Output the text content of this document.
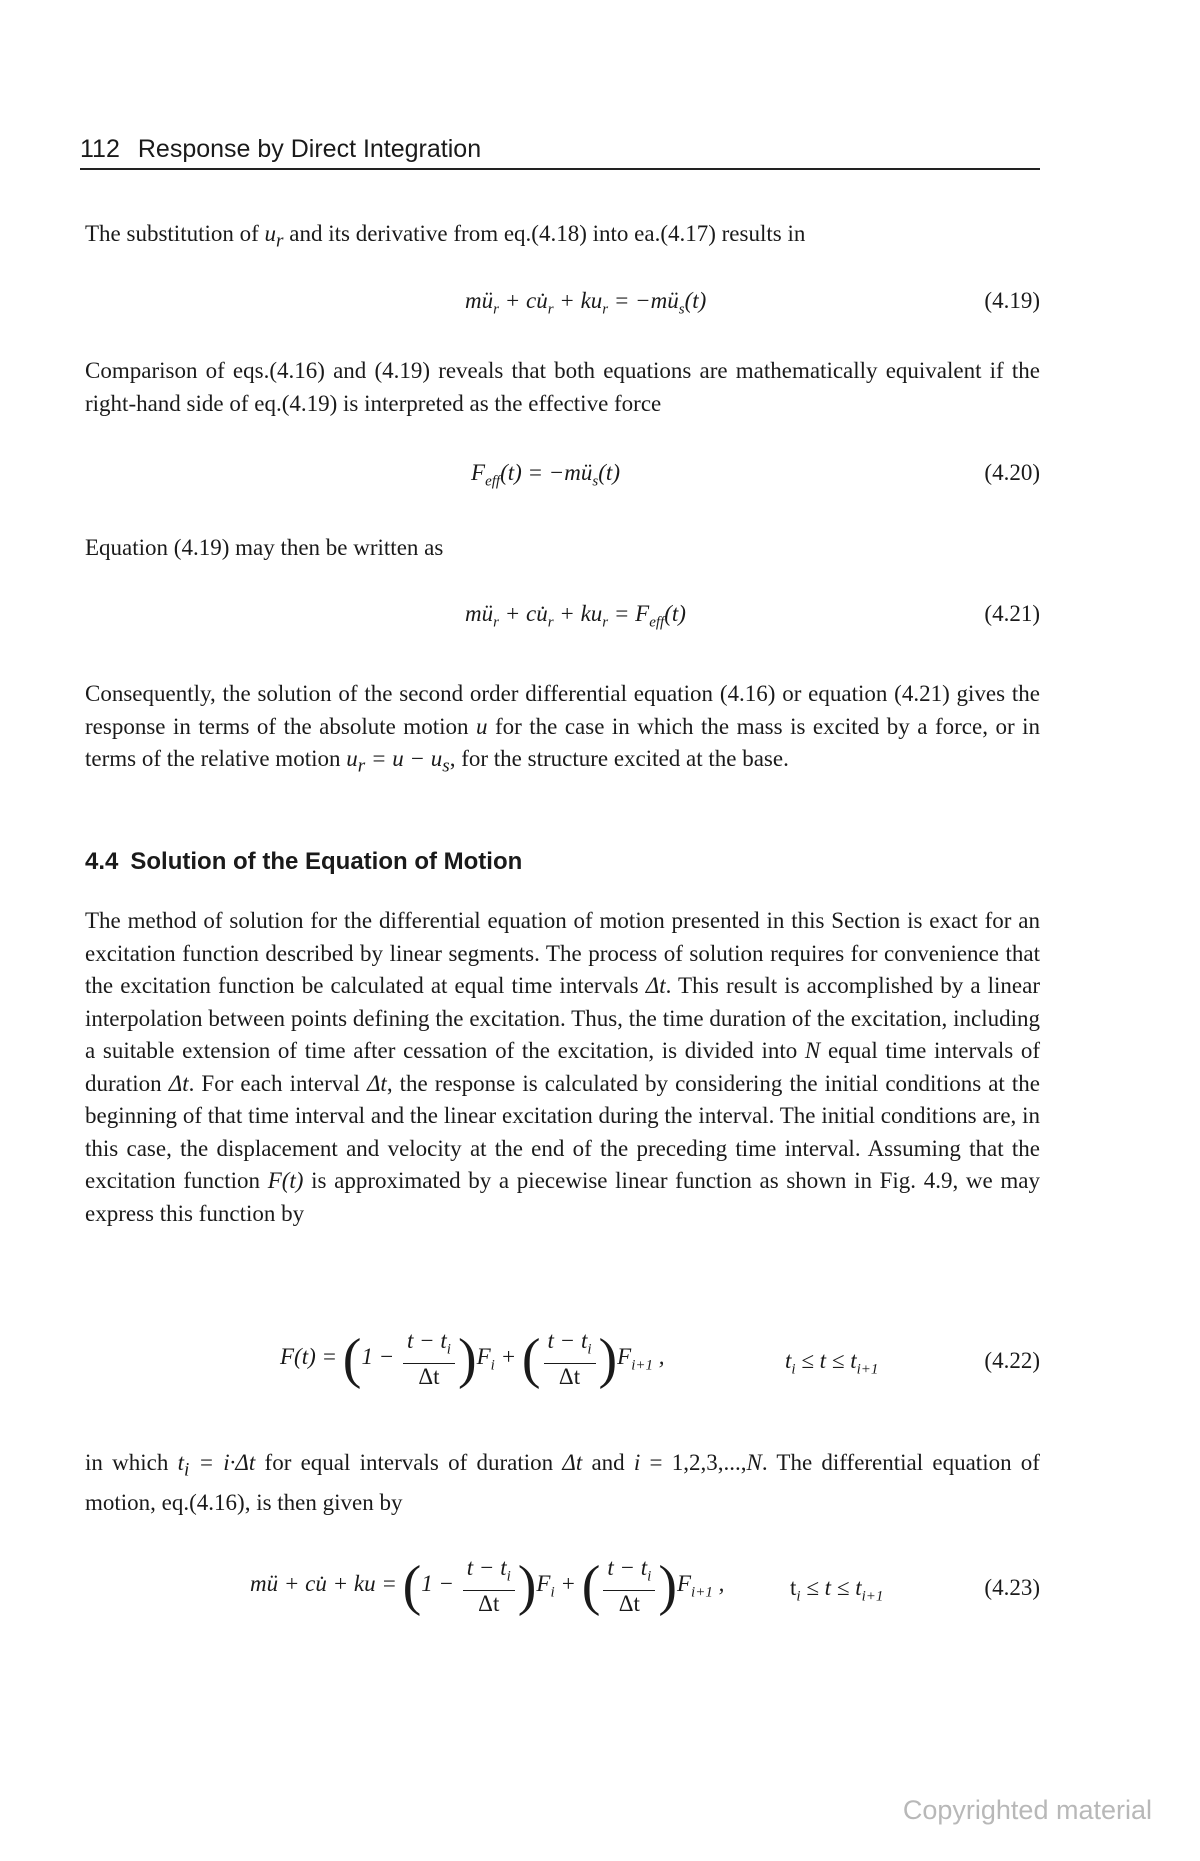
112 Response by Direct Integration

The substitution of $u_r$ and its derivative from eq.(4.18) into ea.(4.17) results in

$mü_r$ + $cu̇_r + ku_r$ = $-mü_s(t)$	(4.19)

Comparison of eqs.(4.16) and (4.19) reveals that both equations are mathematically equivalent if the right-hand side of eq.(4.19) is interpreted as the effective force

$F_{eff}(t)$ = $-mü_s(t)$	(4.20)

Equation (4.19) may then be written as

$mü_r$ + $cu̇_r + ku_r = F_{eff}(t)$	(4.21)

Consequently, the solution of the second order differential equation (4.16) or equation (4.21) gives the response in terms of the absolute motion u for the case in which the mass is excited by a force, or in terms of the relative motion $u_r = u - u_s$, for the structure excited at the base.

4.4 Solution of the Equation of Motion

The method of solution for the differential equation of motion presented in this Section is exact for an excitation function described by linear segments. The process of solution requires for convenience that the excitation function be calculated at equal time intervals Δt. This result is accomplished by a linear interpolation between points defining the excitation. Thus, the time duration of the excitation, including a suitable extension of time after cessation of the excitation, is divided into N equal time intervals of duration Δt. For each interval Δt, the response is calculated by considering the initial conditions at the beginning of that time interval and the linear excitation during the interval. The initial conditions are, in this case, the displacement and velocity at the end of the preceding time interval. Assuming that the excitation function F(t) is approximated by a piecewise linear function as shown in Fig. 4.9, we may express this function by

$F(t) = (1 - \frac{t - t_i}{\Delta t} )F_i$ + ( $\frac{t - t_i}{\Delta t} )F_{i+1}$ ,	$t_i \le t \le t_{i+1}$	(4.22)

in which $t_i = i\cdot\Delta t$ for equal intervals of duration Δt and i = 1,2,3,...,N. The differential equation of motion, eq.(4.16), is then given by

mü + cu̇ + ku = $(1 - \frac{t - t_i}{\Delta t} )F_i$ + ( $\frac{t - t_i}{\Delta t} )F_{i+1}$ ,	$t_i \le t \le t_{i+1}$	(4.23)
Copyrighted material
